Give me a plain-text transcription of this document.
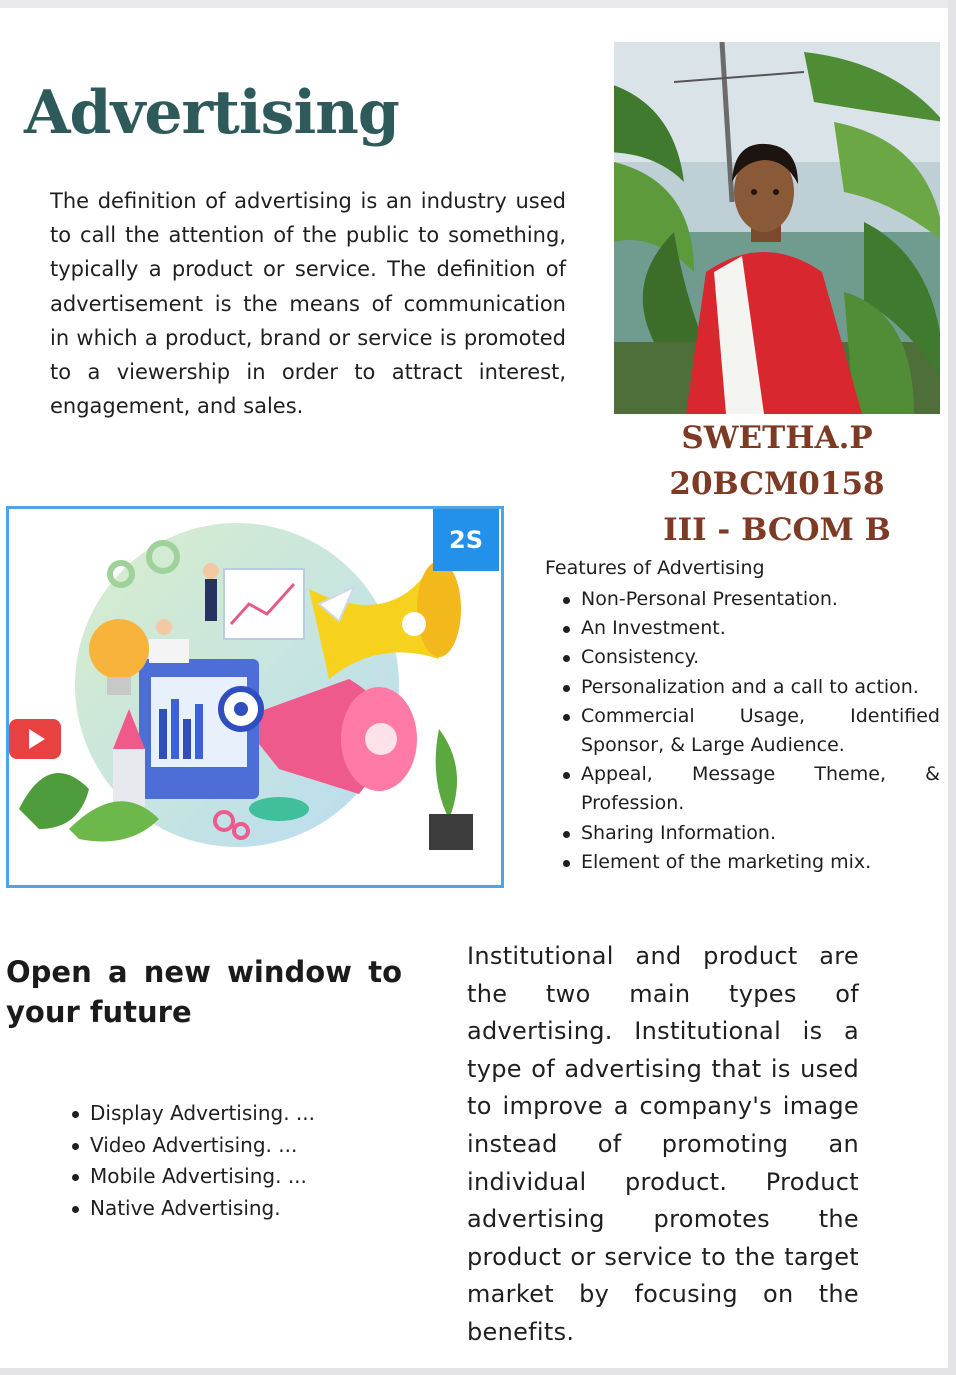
Advertising

The definition of advertising is an industry used to call the attention of the public to something, typically a product or service. The definition of advertisement is the means of communication in which a product, brand or service is promoted to a viewership in order to attract interest, engagement, and sales.

SWETHA.P

20BCM0158

III - BCOM B

2S

Features of Advertising

Non-Personal Presentation.
An Investment.
Consistency.
Personalization and a call to action.
Commercial Usage, Identified Sponsor, & Large Audience.
Appeal, Message Theme, & Profession.
Sharing Information.
Element of the marketing mix.

Open a new window to your future

Display Advertising. ...
Video Advertising. ...
Mobile Advertising. ...
Native Advertising.

Institutional and product are the two main types of advertising. Institutional is a type of advertising that is used to improve a company's image instead of promoting an individual product. Product advertising promotes the product or service to the target market by focusing on the benefits.
